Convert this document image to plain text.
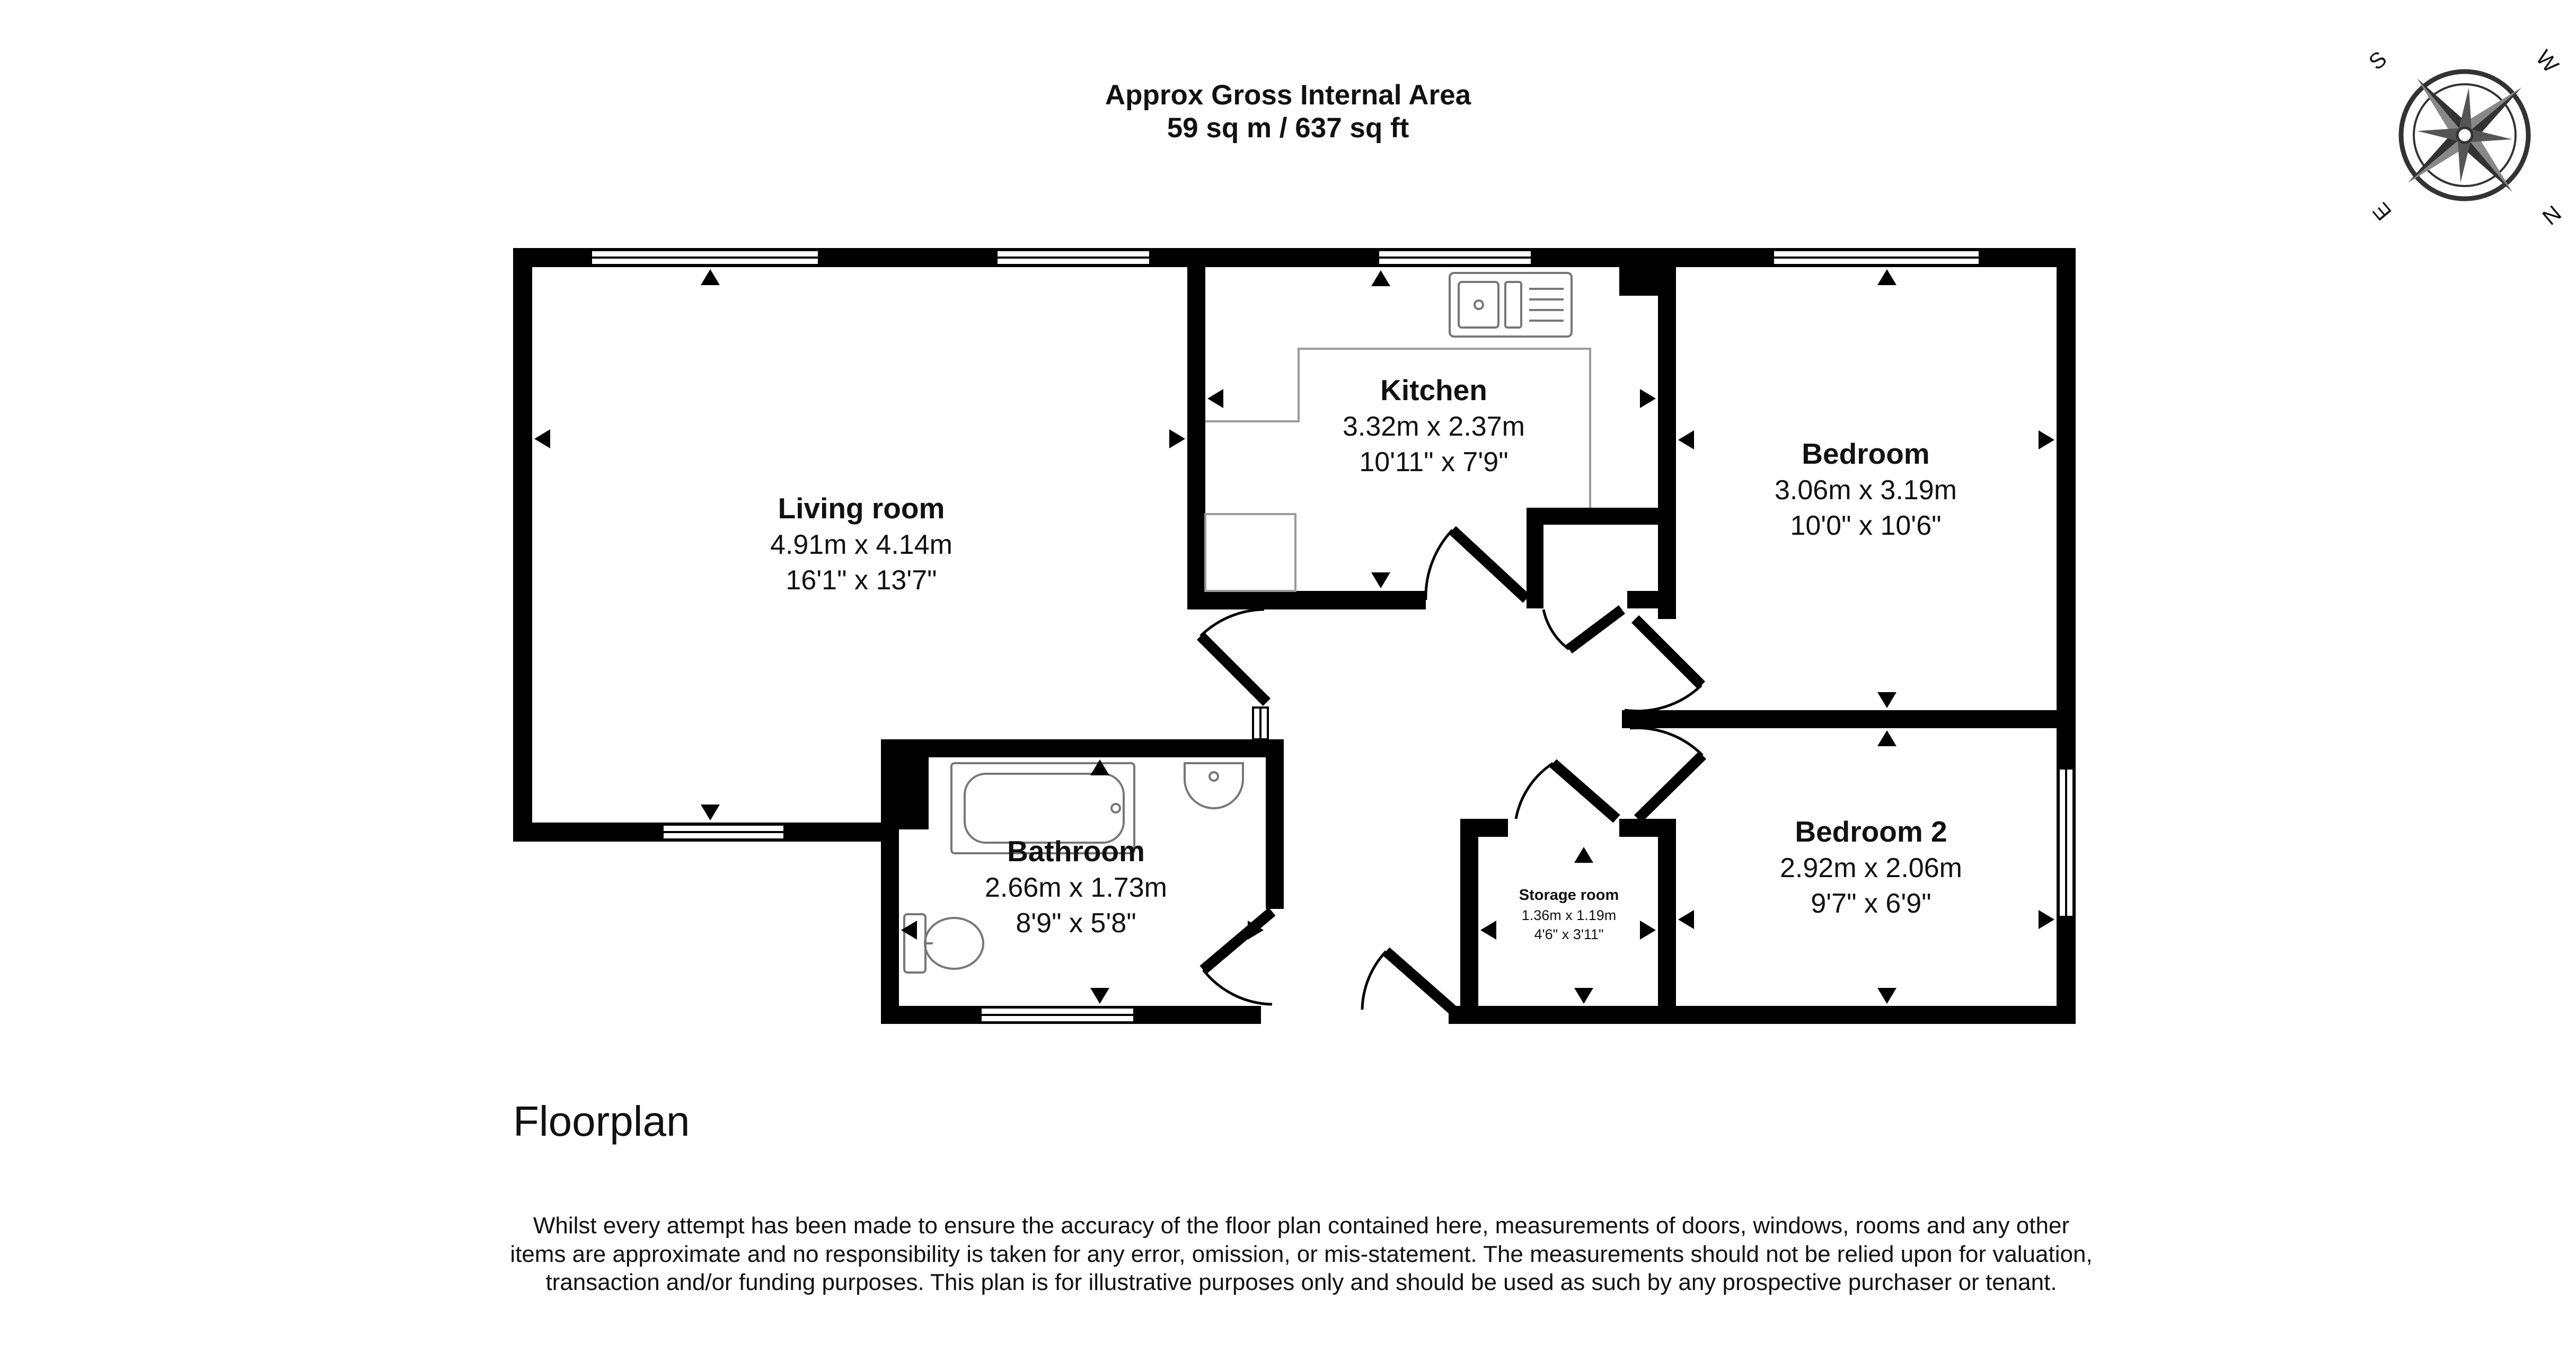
Approx Gross Internal Area
59 sq m / 637 sq ft
W
N
E
S
Living room
4.91m x 4.14m
16'1" x 13'7"
Kitchen
3.32m x 2.37m
10'11" x 7'9"	Bedroom
3.06m x 3.19m
10'0" x 10'6"
Bathroom
2.66m x 1.73m
8'9" x 5'8"
Storage room
1.36m x 1.19m
4'6" x 3'11"
Bedroom 2
2.92m x 2.06m
9'7" x 6'9"
Floorplan
Whilst every attempt has been made to ensure the accuracy of the floor plan contained here, measurements of doors, windows, rooms and any other items are approximate and no responsibility is taken for any error, omission, or mis-statement. The measurements should not be relied upon for valuation, transaction and/or funding purposes. This plan is for illustrative purposes only and should be used as such by any prospective purchaser or tenant.
